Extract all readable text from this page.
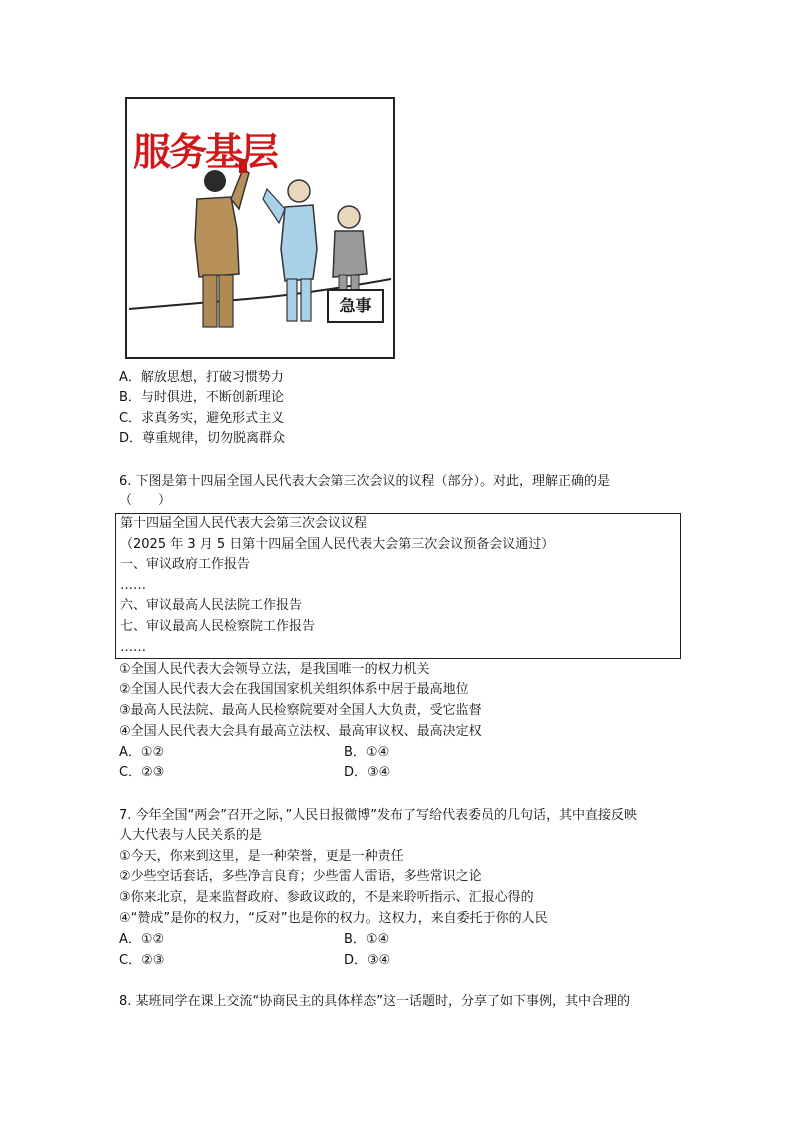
服务基层
急事
A．解放思想，打破习惯势力
B．与时俱进，不断创新理论
C．求真务实，避免形式主义
D．尊重规律，切勿脱离群众
6. 下图是第十四届全国人民代表大会第三次会议的议程（部分）。对此，理解正确的是
（　　）
第十四届全国人民代表大会第三次会议议程
（2025 年 3 月 5 日第十四届全国人民代表大会第三次会议预备会议通过）
一、审议政府工作报告
……
六、审议最高人民法院工作报告
七、审议最高人民检察院工作报告
……
①全国人民代表大会领导立法，是我国唯一的权力机关
②全国人民代表大会在我国国家机关组织体系中居于最高地位
③最高人民法院、最高人民检察院要对全国人大负责，受它监督
④全国人民代表大会具有最高立法权、最高审议权、最高决定权
A．①②	B．①④
C．②③	D．③④
7. 今年全国“两会”召开之际，”人民日报微博”发布了写给代表委员的几句话，其中直接反映
人大代表与人民关系的是
①今天，你来到这里，是一种荣誉，更是一种责任
②少些空话套话，多些净言良育；少些雷人雷语，多些常识之论
③你来北京，是来监督政府、参政议政的，不是来聆听指示、汇报心得的
④“赞成”是你的权力，“反对”也是你的权力。这权力，来自委托于你的人民
A．①②	B．①④
C．②③	D．③④
8. 某班同学在课上交流“协商民主的具体样态”这一话题时，分享了如下事例，其中合理的
